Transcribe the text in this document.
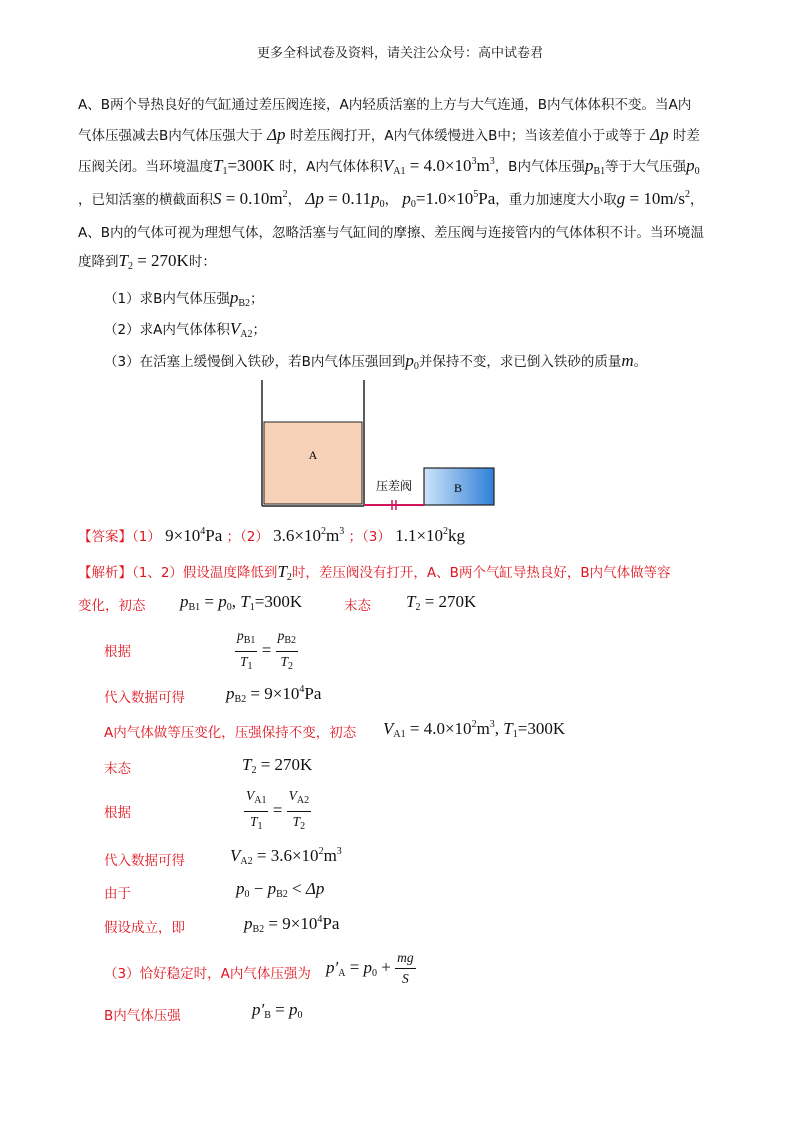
更多全科试卷及资料，请关注公众号：高中试卷君
A、B两个导热良好的气缸通过差压阀连接，A内轻质活塞的上方与大气连通，B内气体体积不变。当A内
气体压强减去B内气体压强大于 Δp 时差压阀打开，A内气体缓慢进入B中；当该差值小于或等于 Δp 时差
压阀关闭。当环境温度$T_1=300K$ 时，A内气体体积$V_{A1} = 4.0\times 10^3m^3$，B内气体压强$p_{B1}$等于大气压强$p_0$
，已知活塞的横截面积$S = 0.10m^2$， $\Delta p = 0.11p_0$， $p_0=1.0\times 10^5Pa$，重力加速度大小取$g = 10m/s^2$，
A、B内的气体可视为理想气体，忽略活塞与气缸间的摩擦、差压阀与连接管内的气体体积不计。当环境温
度降到$T_2 = 270K$时：
（1）求B内气体压强$p_{B2}$；
（2）求A内气体体积$V_{A2}$；
（3）在活塞上缓慢倒入铁砂，若B内气体压强回到$p_0$并保持不变，求已倒入铁砂的质量m。
A
B
压差阀
【答案】（1） $9\times 10^4Pa$ ；（2） $3.6\times 10^2m^3$ ；（3） $1.1\times 10^2kg$
【解析】（1、2）假设温度降低到$T_2$时，差压阀没有打开，A、B两个气缸导热良好，B内气体做等容
变化，初态 $p_{B1} = p_0$, $T_1=300K$	末态 $T_2 = 270K$
根据	$\frac{p_{B1}}{T_1} = \frac{p_{B2}}{T_2}$
代入数据可得 $p_{B2} = 9\times 10^4Pa$
A内气体做等压变化，压强保持不变，初态 $V_{A1} = 4.0\times 10^2m^3$, $T_1=300K$
末态	$T_2 = 270K$
根据	$\frac{V_{A1}}{T_1} = \frac{V_{A2}}{T_2}$
代入数据可得	$V_{A2} = 3.6\times 10^2m^3$
由于	$p_0 - p_{B2} < \Delta p$
假设成立，即	$p_{B2} = 9\times 10^4Pa$
（3）恰好稳定时，A内气体压强为 $p'_A = p_0 + \frac{mg}{S}$
B内气体压强	$p'_B = p_0$
